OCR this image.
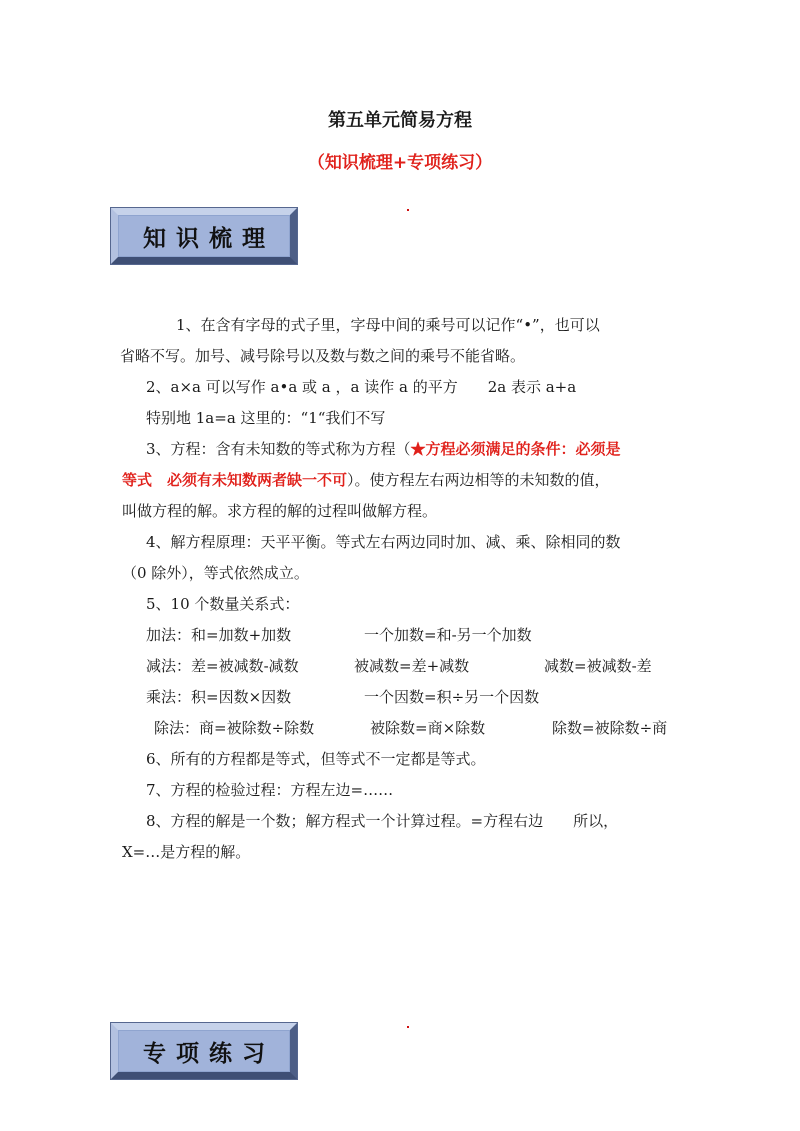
第五单元简易方程
（知识梳理+专项练习）
知识梳理

1、在含有字母的式子里，字母中间的乘号可以记作“•”，也可以

省略不写。加号、减号除号以及数与数之间的乘号不能省略。

2、a×a 可以写作 a•a 或 a ，a 读作 a 的平方　　2a 表示 a+a

特别地 1a=a 这里的：“1“我们不写

3、方程：含有未知数的等式称为方程（★方程必须满足的条件：必须是

等式　必须有未知数两者缺一不可）。使方程左右两边相等的未知数的值，

叫做方程的解。求方程的解的过程叫做解方程。

4、解方程原理：天平平衡。等式左右两边同时加、减、乘、除相同的数

（0 除外），等式依然成立。

5、10 个数量关系式：

加法：和=加数+加数	一个加数=和-另一个加数
减法：差=被减数-减数	被减数=差+减数	减数=被减数-差
乘法：积=因数×因数	一个因数=积÷另一个因数
除法：商=被除数÷除数	被除数=商×除数	除数=被除数÷商

6、所有的方程都是等式，但等式不一定都是等式。

7、方程的检验过程：方程左边=……

8、方程的解是一个数；解方程式一个计算过程。=方程右边　　所以，

X=…是方程的解。

专项练习
